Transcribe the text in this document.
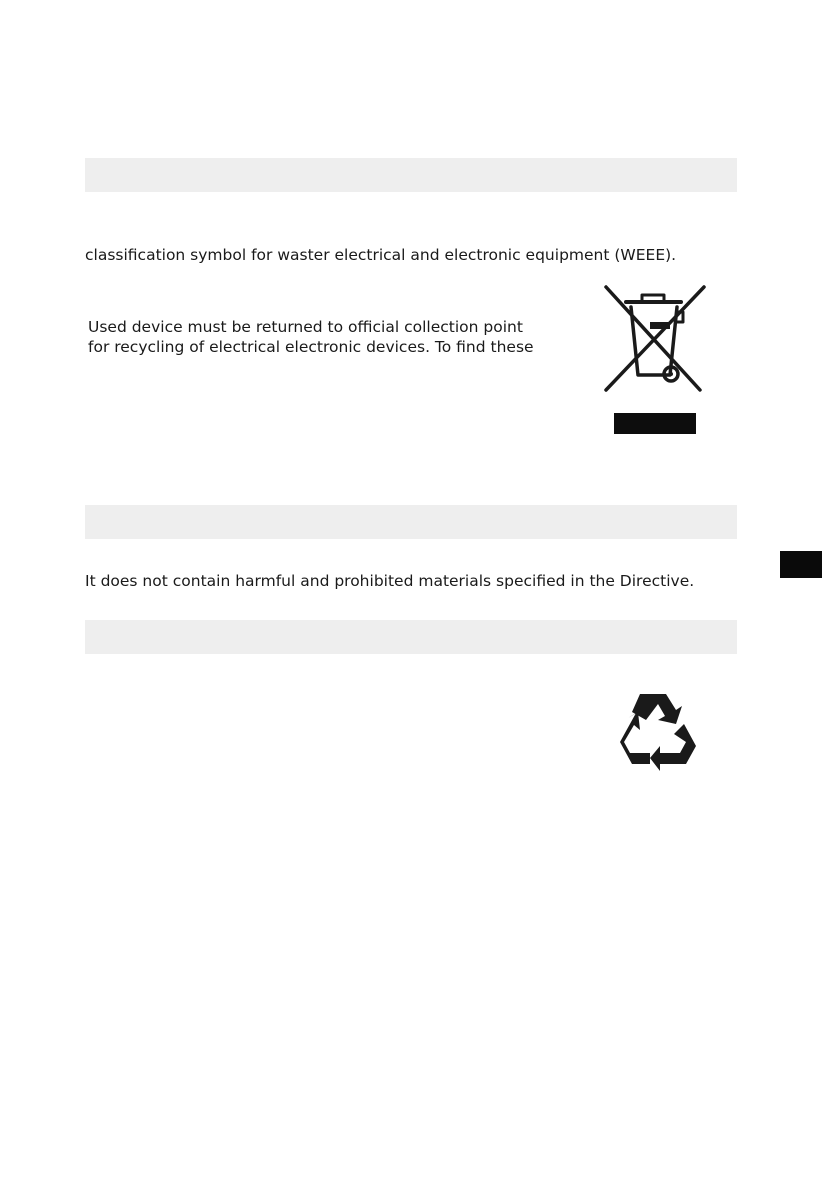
classification symbol for waster electrical and electronic equipment (WEEE).

Used device must be returned to official collection point
for recycling of electrical electronic devices. To find these

It does not contain harmful and prohibited materials specified in the Directive.
